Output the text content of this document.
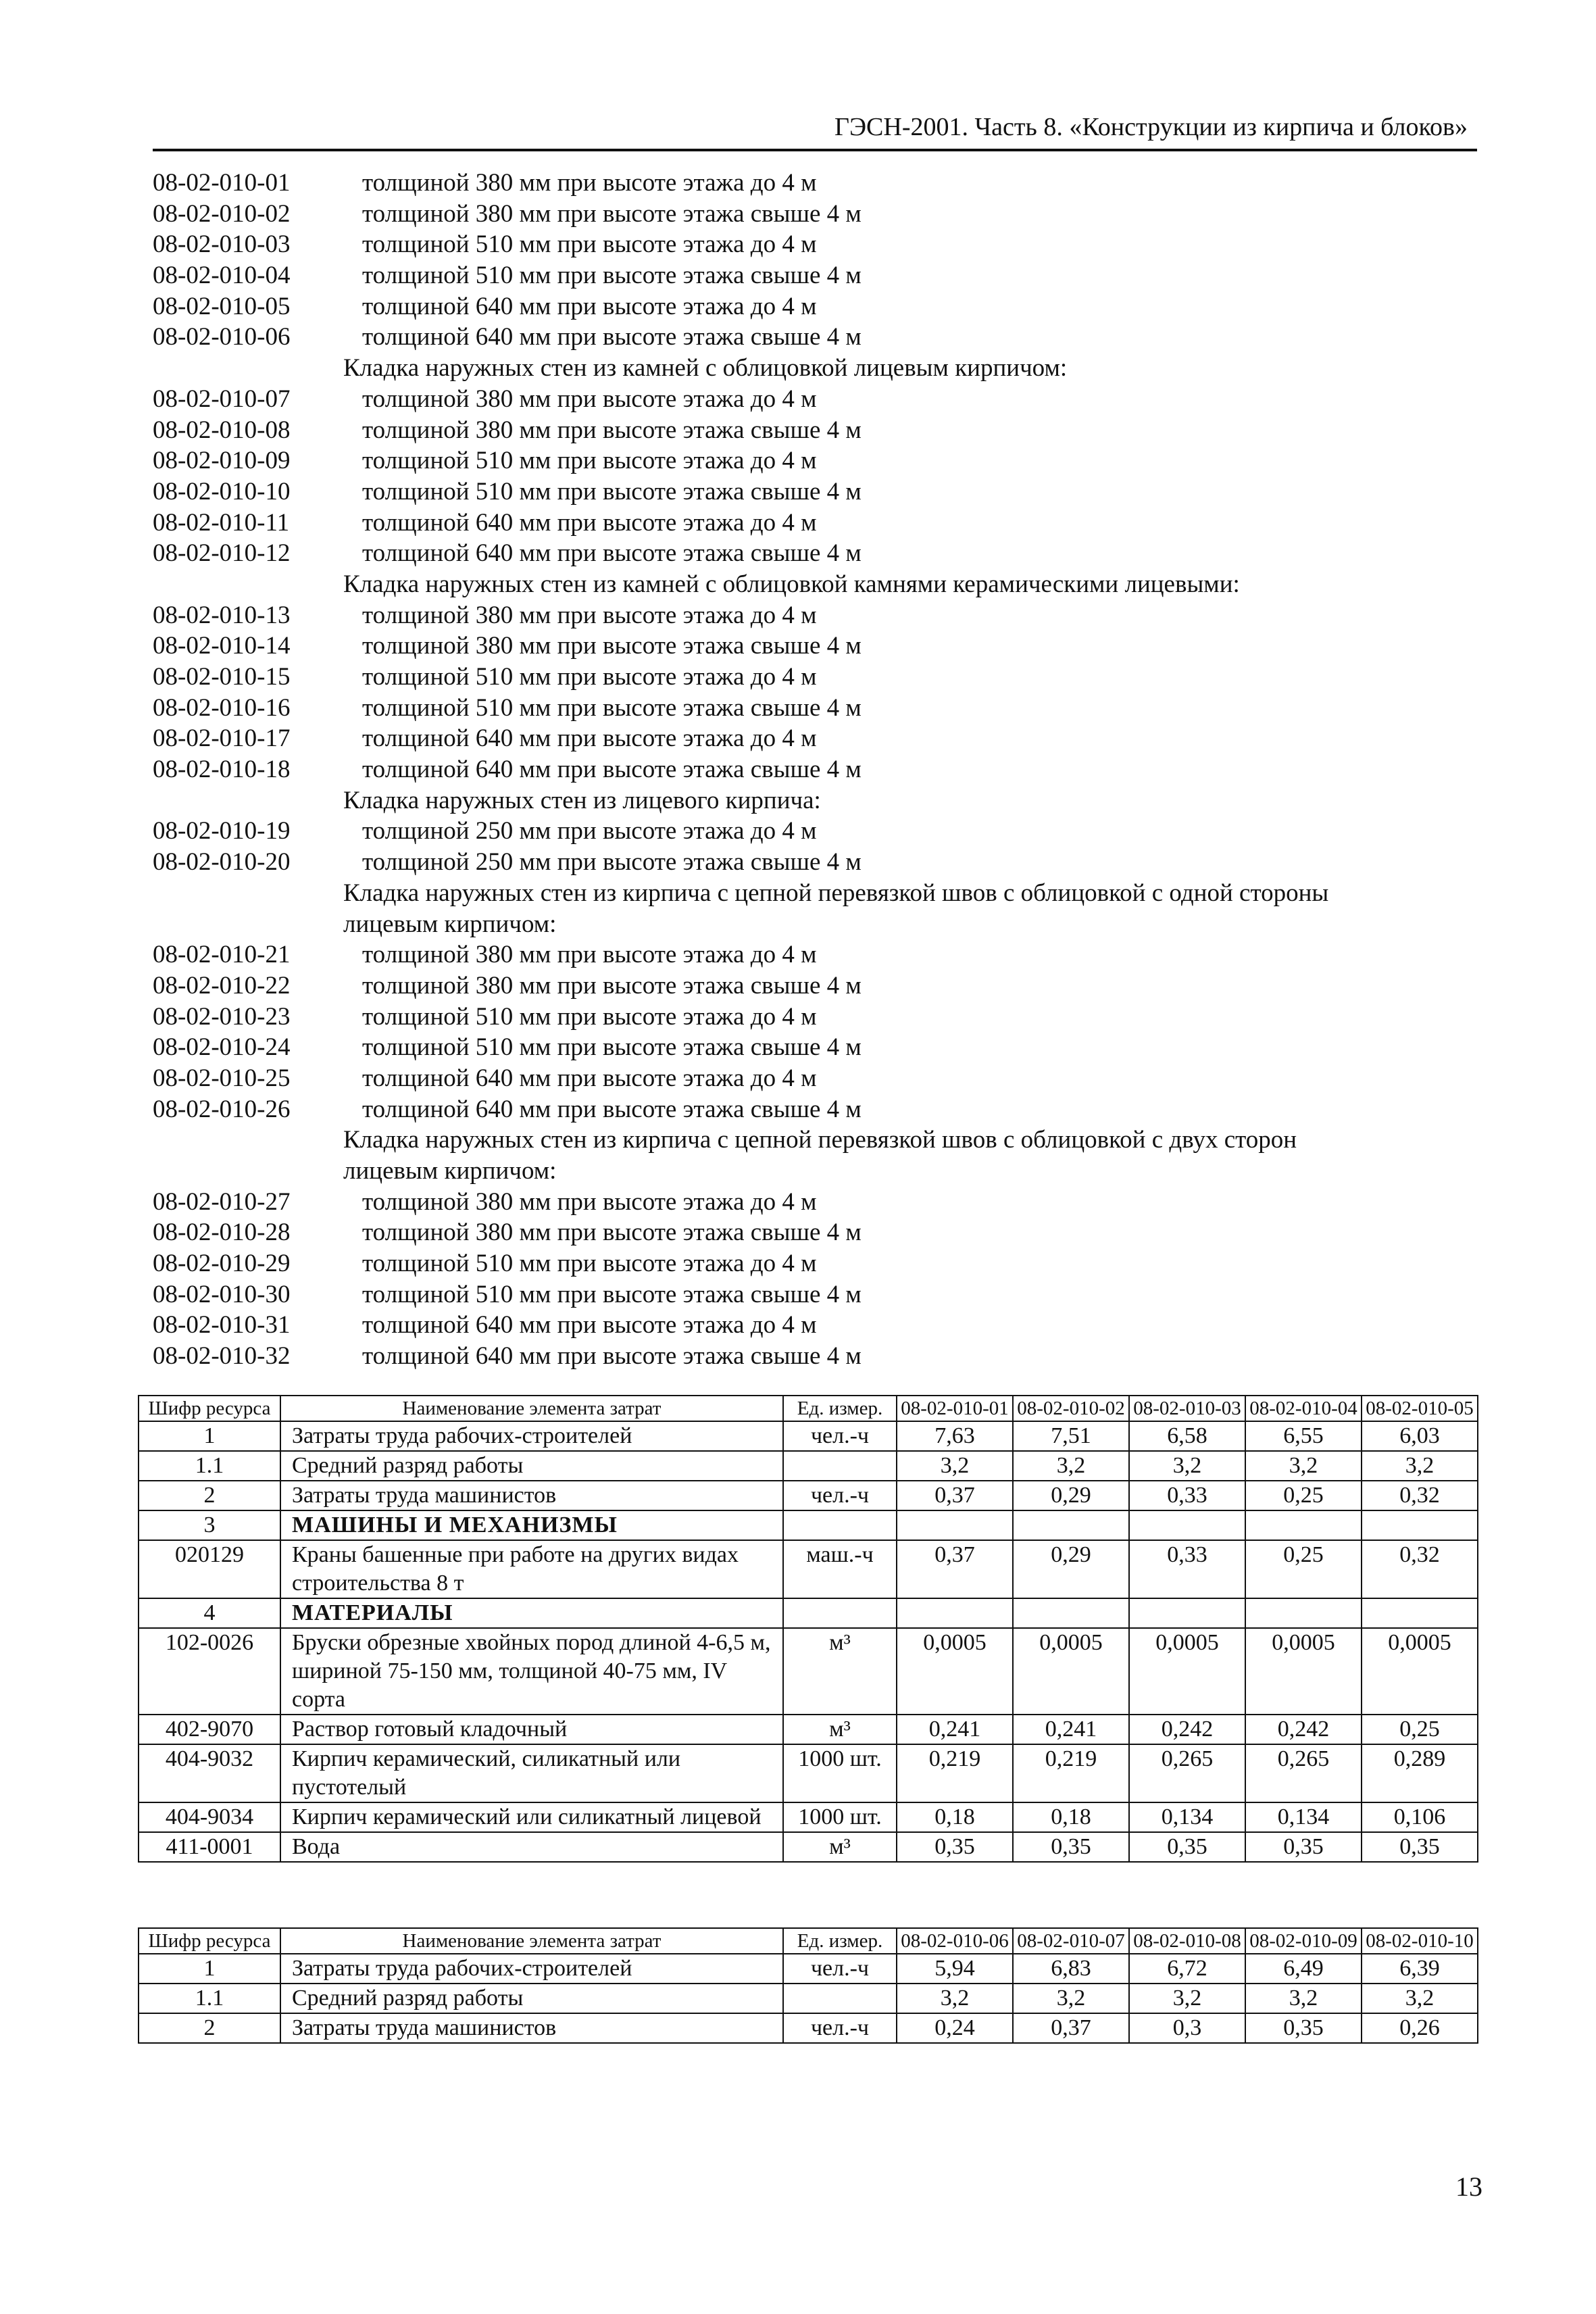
ГЭСН-2001. Часть 8. «Конструкции из кирпича и блоков»
08-02-010-01	толщиной 380 мм при высоте этажа до 4 м
08-02-010-02	толщиной 380 мм при высоте этажа свыше 4 м
08-02-010-03	толщиной 510 мм при высоте этажа до 4 м
08-02-010-04	толщиной 510 мм при высоте этажа свыше 4 м
08-02-010-05	толщиной 640 мм при высоте этажа до 4 м
08-02-010-06	толщиной 640 мм при высоте этажа свыше 4 м
Кладка наружных стен из камней с облицовкой лицевым кирпичом:
08-02-010-07	толщиной 380 мм при высоте этажа до 4 м
08-02-010-08	толщиной 380 мм при высоте этажа свыше 4 м
08-02-010-09	толщиной 510 мм при высоте этажа до 4 м
08-02-010-10	толщиной 510 мм при высоте этажа свыше 4 м
08-02-010-11	толщиной 640 мм при высоте этажа до 4 м
08-02-010-12	толщиной 640 мм при высоте этажа свыше 4 м
Кладка наружных стен из камней с облицовкой камнями керамическими лицевыми:
08-02-010-13	толщиной 380 мм при высоте этажа до 4 м
08-02-010-14	толщиной 380 мм при высоте этажа свыше 4 м
08-02-010-15	толщиной 510 мм при высоте этажа до 4 м
08-02-010-16	толщиной 510 мм при высоте этажа свыше 4 м
08-02-010-17	толщиной 640 мм при высоте этажа до 4 м
08-02-010-18	толщиной 640 мм при высоте этажа свыше 4 м
Кладка наружных стен из лицевого кирпича:
08-02-010-19	толщиной 250 мм при высоте этажа до 4 м
08-02-010-20	толщиной 250 мм при высоте этажа свыше 4 м
Кладка наружных стен из кирпича с цепной перевязкой швов с облицовкой с одной стороны
лицевым кирпичом:
08-02-010-21	толщиной 380 мм при высоте этажа до 4 м
08-02-010-22	толщиной 380 мм при высоте этажа свыше 4 м
08-02-010-23	толщиной 510 мм при высоте этажа до 4 м
08-02-010-24	толщиной 510 мм при высоте этажа свыше 4 м
08-02-010-25	толщиной 640 мм при высоте этажа до 4 м
08-02-010-26	толщиной 640 мм при высоте этажа свыше 4 м
Кладка наружных стен из кирпича с цепной перевязкой швов с облицовкой с двух сторон
лицевым кирпичом:
08-02-010-27	толщиной 380 мм при высоте этажа до 4 м
08-02-010-28	толщиной 380 мм при высоте этажа свыше 4 м
08-02-010-29	толщиной 510 мм при высоте этажа до 4 м
08-02-010-30	толщиной 510 мм при высоте этажа свыше 4 м
08-02-010-31	толщиной 640 мм при высоте этажа до 4 м
08-02-010-32	толщиной 640 мм при высоте этажа свыше 4 м
Шифр ресурса	Наименование элемента затрат	Ед. измер.	08-02-010-01	08-02-010-02	08-02-010-03	08-02-010-04	08-02-010-05
1	Затраты труда рабочих-строителей	чел.-ч	7,63	7,51	6,58	6,55	6,03
1.1	Средний разряд работы		3,2	3,2	3,2	3,2	3,2
2	Затраты труда машинистов	чел.-ч	0,37	0,29	0,33	0,25	0,32
3	МАШИНЫ И МЕХАНИЗМЫ						
020129	Краны башенные при работе на других видах строительства 8 т	маш.-ч	0,37	0,29	0,33	0,25	0,32
4	МАТЕРИАЛЫ						
102-0026	Бруски обрезные хвойных пород длиной 4-6,5 м, шириной 75-150 мм, толщиной 40-75 мм, IV сорта	м³	0,0005	0,0005	0,0005	0,0005	0,0005
402-9070	Раствор готовый кладочный	м³	0,241	0,241	0,242	0,242	0,25
404-9032	Кирпич керамический, силикатный или пустотелый	1000 шт.	0,219	0,219	0,265	0,265	0,289
404-9034	Кирпич керамический или силикатный лицевой	1000 шт.	0,18	0,18	0,134	0,134	0,106
411-0001	Вода	м³	0,35	0,35	0,35	0,35	0,35
Шифр ресурса	Наименование элемента затрат	Ед. измер.	08-02-010-06	08-02-010-07	08-02-010-08	08-02-010-09	08-02-010-10
1	Затраты труда рабочих-строителей	чел.-ч	5,94	6,83	6,72	6,49	6,39
1.1	Средний разряд работы		3,2	3,2	3,2	3,2	3,2
2	Затраты труда машинистов	чел.-ч	0,24	0,37	0,3	0,35	0,26
13
